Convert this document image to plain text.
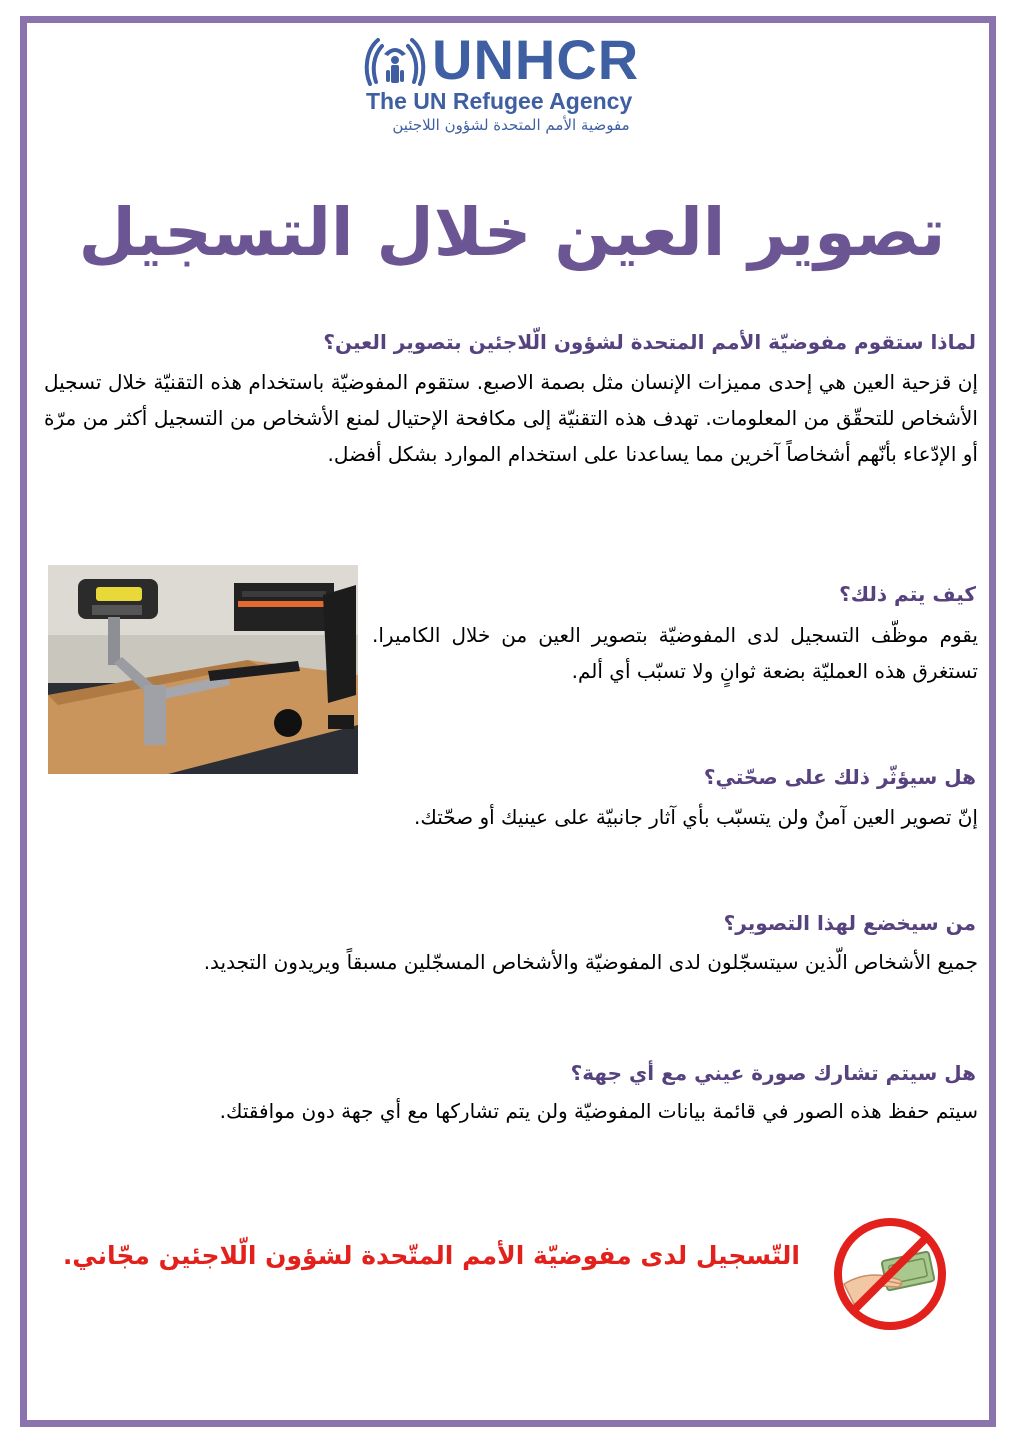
UNHCR
The UN Refugee Agency
مفوضية الأمم المتحدة لشؤون اللاجئين
تصوير العين خلال التسجيل
لماذا ستقوم مفوضيّة الأمم المتحدة لشؤون الّلاجئين بتصوير العين؟
إن قزحية العين هي إحدى مميزات الإنسان مثل بصمة الاصبع. ستقوم المفوضيّة باستخدام هذه التقنيّة خلال تسجيل الأشخاص للتحقّق من المعلومات. تهدف هذه التقنيّة إلى مكافحة الإحتيال لمنع الأشخاص من التسجيل أكثر من مرّة أو الإدّعاء بأنّهم أشخاصاً آخرين مما يساعدنا على استخدام الموارد بشكل أفضل.
كيف يتم ذلك؟
يقوم موظّف التسجيل لدى المفوضيّة بتصوير العين من خلال الكاميرا. تستغرق هذه العمليّة بضعة ثوانٍ ولا تسبّب أي ألم.
هل سيؤثّر ذلك على صحّتي؟
إنّ تصوير العين آمنٌ ولن يتسبّب بأي آثار جانبيّة على عينيك أو صحّتك.
من سيخضع لهذا التصوير؟
جميع الأشخاص الّذين سيتسجّلون لدى المفوضيّة والأشخاص المسجّلين مسبقاً ويريدون التجديد.
هل سيتم تشارك صورة عيني مع أي جهة؟
سيتم حفظ هذه الصور في قائمة بيانات المفوضيّة ولن يتم تشاركها مع أي جهة دون موافقتك.
التّسجيل لدى مفوضيّة الأمم المتّحدة لشؤون الّلاجئين مجّاني.
